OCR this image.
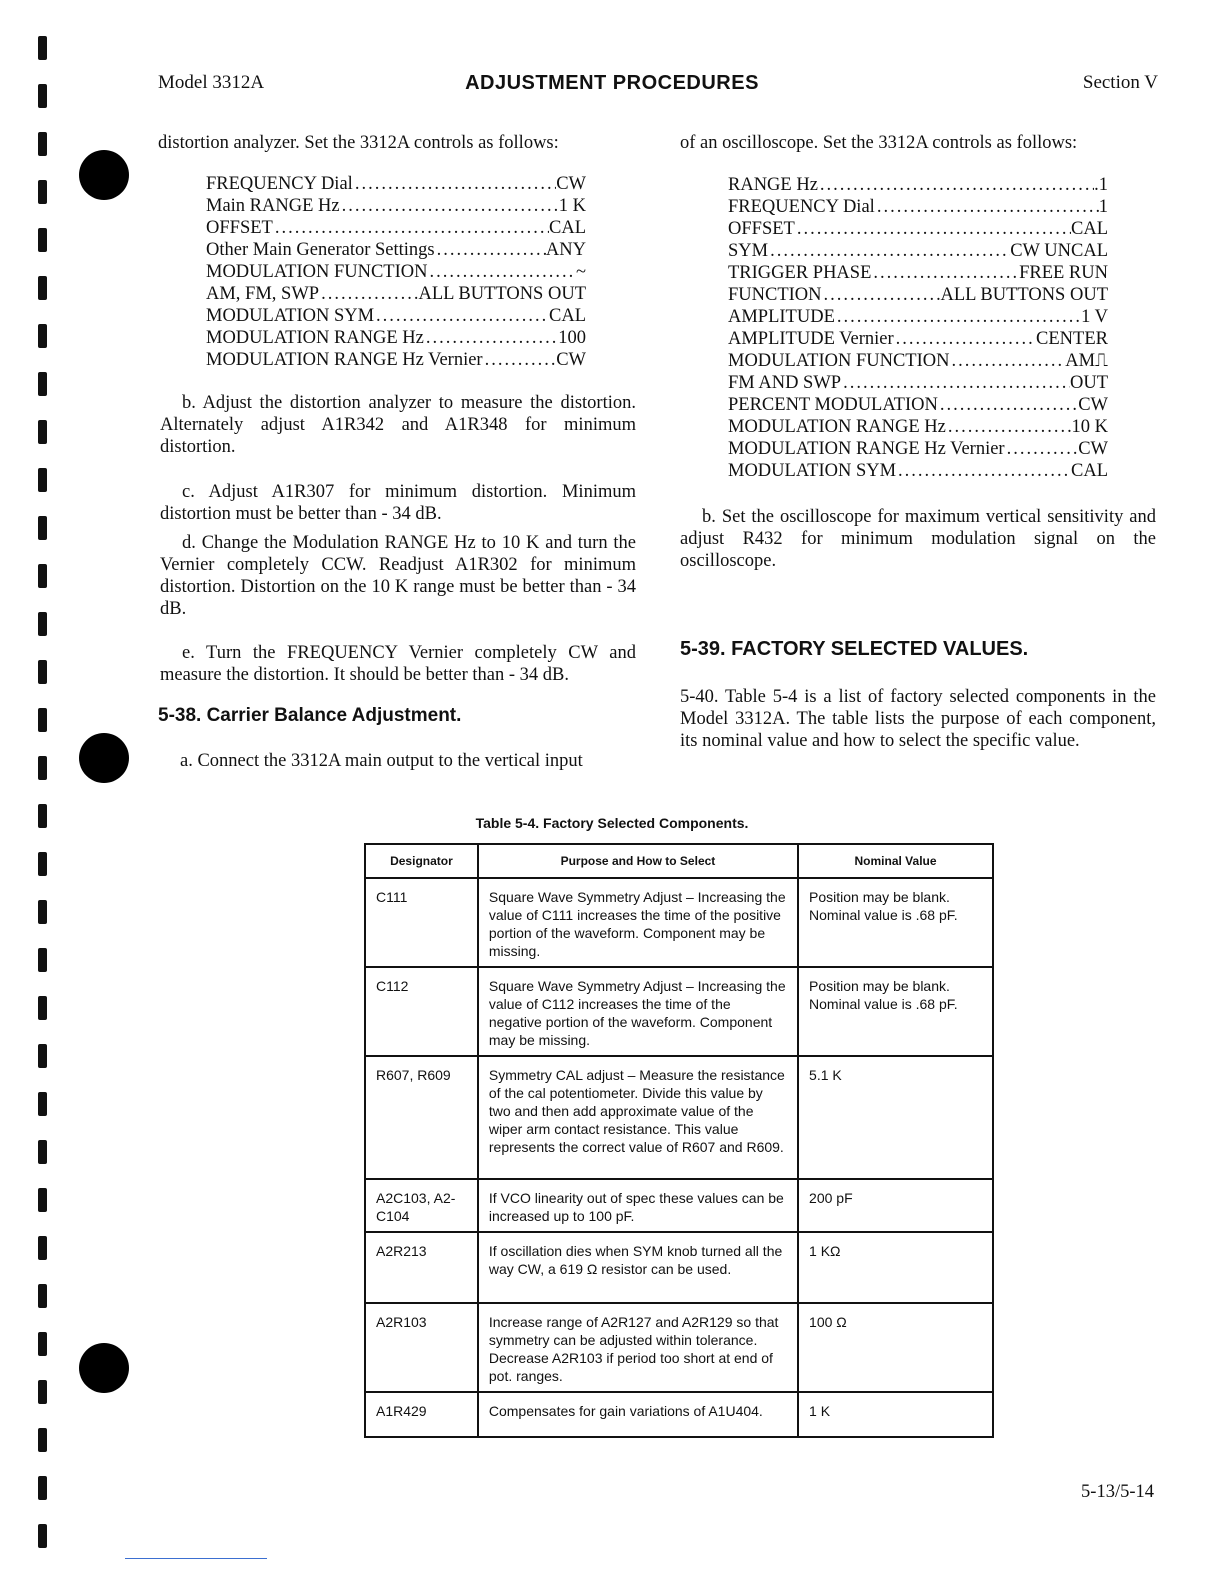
Model 3312A	ADJUSTMENT PROCEDURES	Section V
distortion analyzer. Set the 3312A controls as follows:
FREQUENCY Dial .....	CW
Main RANGE Hz .....	1 K
OFFSET .....	CAL
Other Main Generator Settings .....	ANY
MODULATION FUNCTION .....	~
AM, FM, SWP .....	ALL BUTTONS OUT
MODULATION SYM .....	CAL
MODULATION RANGE Hz .....	100
MODULATION RANGE Hz Vernier .....	CW

b. Adjust the distortion analyzer to measure the distortion. Alternately adjust A1R342 and A1R348 for minimum distortion.

c. Adjust A1R307 for minimum distortion. Minimum distortion must be better than - 34 dB.

d. Change the Modulation RANGE Hz to 10 K and turn the Vernier completely CCW. Readjust A1R302 for minimum distortion. Distortion on the 10 K range must be better than - 34 dB.

e. Turn the FREQUENCY Vernier completely CW and measure the distortion. It should be better than - 34 dB.

5-38. Carrier Balance Adjustment.
a. Connect the 3312A main output to the vertical input
of an oscilloscope. Set the 3312A controls as follows:
RANGE Hz .....	.1
FREQUENCY Dial .....	1
OFFSET .....	CAL
SYM .....	CW UNCAL
TRIGGER PHASE .....	FREE RUN
FUNCTION .....	ALL BUTTONS OUT
AMPLITUDE .....	1 V
AMPLITUDE Vernier .....	CENTER
MODULATION FUNCTION .....	AM⎍
FM AND SWP .....	OUT
PERCENT MODULATION .....	CW
MODULATION RANGE Hz .....	10 K
MODULATION RANGE Hz Vernier .....	CW
MODULATION SYM .....	CAL

b. Set the oscilloscope for maximum vertical sensitivity and adjust R432 for minimum modulation signal on the oscilloscope.

5-39. FACTORY SELECTED VALUES.

5-40. Table 5-4 is a list of factory selected components in the Model 3312A. The table lists the purpose of each component, its nominal value and how to select the specific value.

Table 5-4. Factory Selected Components.
Designator	Purpose and How to Select	Nominal Value
C111	Square Wave Symmetry Adjust – Increasing the value of C111 increases the time of the positive portion of the waveform. Component may be missing.	Position may be blank. Nominal value is .68 pF.
C112	Square Wave Symmetry Adjust – Increasing the value of C112 increases the time of the negative portion of the waveform. Component may be missing.	Position may be blank. Nominal value is .68 pF.
R607, R609	Symmetry CAL adjust – Measure the resistance of the cal potentiometer. Divide this value by two and then add approximate value of the wiper arm contact resistance. This value represents the correct value of R607 and R609.	5.1 K
A2C103, A2-C104	If VCO linearity out of spec these values can be increased up to 100 pF.	200 pF
A2R213	If oscillation dies when SYM knob turned all the way CW, a 619 Ω resistor can be used.	1 KΩ
A2R103	Increase range of A2R127 and A2R129 so that symmetry can be adjusted within tolerance. Decrease A2R103 if period too short at end of pot. ranges.	100 Ω
A1R429	Compensates for gain variations of A1U404.	1 K
5-13/5-14
